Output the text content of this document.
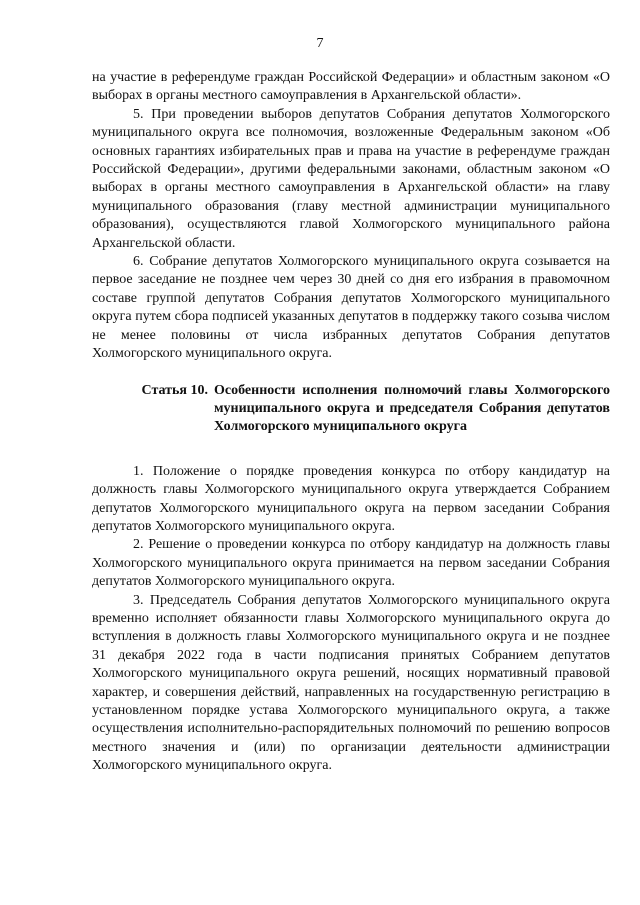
7

на участие в референдуме граждан Российской Федерации» и областным законом «О выборах в органы местного самоуправления в Архангельской области».

5. При проведении выборов депутатов Собрания депутатов Холмогорского муниципального округа все полномочия, возложенные Федеральным законом «Об основных гарантиях избирательных прав и права на участие в референдуме граждан Российской Федерации», другими федеральными законами, областным законом «О выборах в органы местного самоуправления в Архангельской области» на главу муниципального образования (главу местной администрации муниципального образования), осуществляются главой Холмогорского муниципального района Архангельской области.

6. Собрание депутатов Холмогорского муниципального округа созывается на первое заседание не позднее чем через 30 дней со дня его избрания в правомочном составе группой депутатов Собрания депутатов Холмогорского муниципального округа путем сбора подписей указанных депутатов в поддержку такого созыва числом не менее половины от числа избранных депутатов Собрания депутатов Холмогорского муниципального округа.

Статья 10. Особенности исполнения полномочий главы Холмогорского муниципального округа и председателя Собрания депутатов Холмогорского муниципального округа

1. Положение о порядке проведения конкурса по отбору кандидатур на должность главы Холмогорского муниципального округа утверждается Собранием депутатов Холмогорского муниципального округа на первом заседании Собрания депутатов Холмогорского муниципального округа.

2. Решение о проведении конкурса по отбору кандидатур на должность главы Холмогорского муниципального округа принимается на первом заседании Собрания депутатов Холмогорского муниципального округа.

3. Председатель Собрания депутатов Холмогорского муниципального округа временно исполняет обязанности главы Холмогорского муниципального округа до вступления в должность главы Холмогорского муниципального округа и не позднее 31 декабря 2022 года в части подписания принятых Собранием депутатов Холмогорского муниципального округа решений, носящих нормативный правовой характер, и совершения действий, направленных на государственную регистрацию в установленном порядке устава Холмогорского муниципального округа, а также осуществления исполнительно-распорядительных полномочий по решению вопросов местного значения и (или) по организации деятельности администрации Холмогорского муниципального округа.
